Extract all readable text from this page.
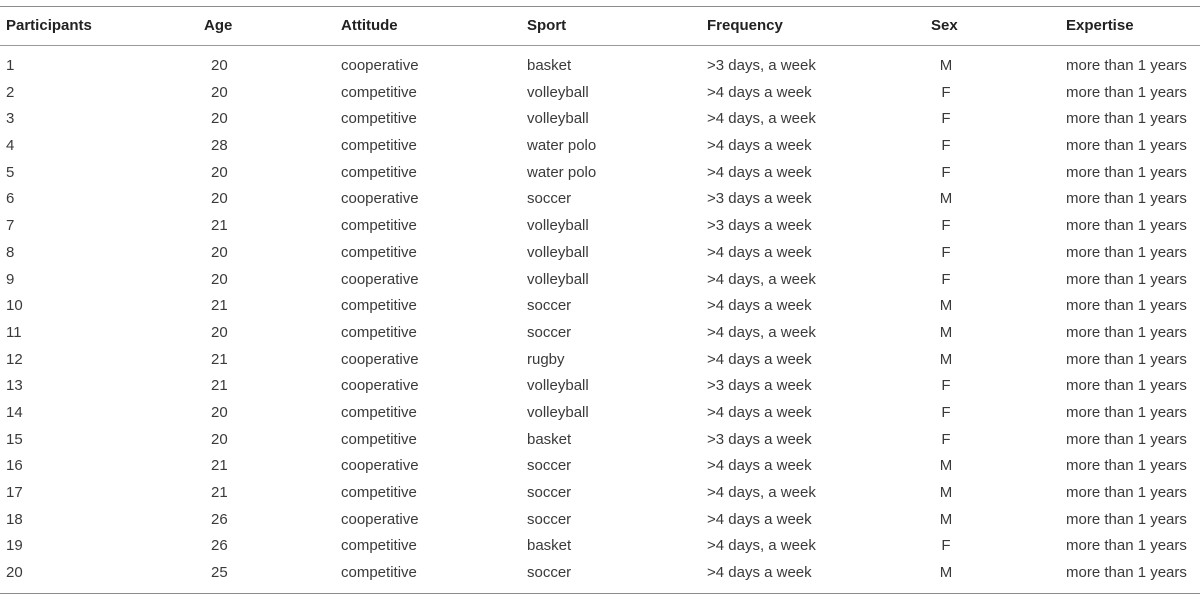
Participants	Age	Attitude	Sport	Frequency	Sex	Expertise
1	20	cooperative	basket	>3 days, a week	M	more than 1 years
2	20	competitive	volleyball	>4 days a week	F	more than 1 years
3	20	competitive	volleyball	>4 days, a week	F	more than 1 years
4	28	competitive	water polo	>4 days a week	F	more than 1 years
5	20	competitive	water polo	>4 days a week	F	more than 1 years
6	20	cooperative	soccer	>3 days a week	M	more than 1 years
7	21	competitive	volleyball	>3 days a week	F	more than 1 years
8	20	competitive	volleyball	>4 days a week	F	more than 1 years
9	20	cooperative	volleyball	>4 days, a week	F	more than 1 years
10	21	competitive	soccer	>4 days a week	M	more than 1 years
11	20	competitive	soccer	>4 days, a week	M	more than 1 years
12	21	cooperative	rugby	>4 days a week	M	more than 1 years
13	21	cooperative	volleyball	>3 days a week	F	more than 1 years
14	20	competitive	volleyball	>4 days a week	F	more than 1 years
15	20	competitive	basket	>3 days a week	F	more than 1 years
16	21	cooperative	soccer	>4 days a week	M	more than 1 years
17	21	competitive	soccer	>4 days, a week	M	more than 1 years
18	26	cooperative	soccer	>4 days a week	M	more than 1 years
19	26	competitive	basket	>4 days, a week	F	more than 1 years
20	25	competitive	soccer	>4 days a week	M	more than 1 years
